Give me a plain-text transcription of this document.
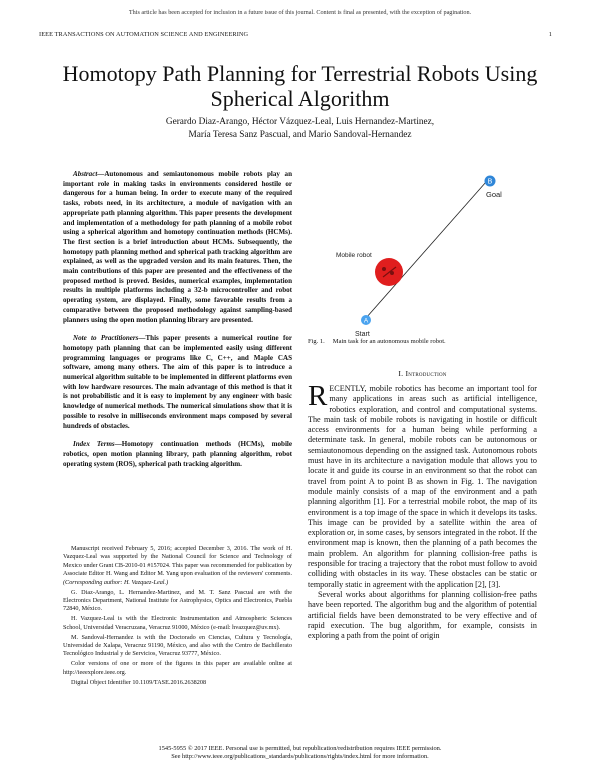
This article has been accepted for inclusion in a future issue of this journal. Content is final as presented, with the exception of pagination.
IEEE TRANSACTIONS ON AUTOMATION SCIENCE AND ENGINEERING	1
Homotopy Path Planning for Terrestrial Robots Using Spherical Algorithm
Gerardo Diaz-Arango, Héctor Vázquez-Leal, Luis Hernandez-Martinez,
María Teresa Sanz Pascual, and Mario Sandoval-Hernandez

Abstract—Autonomous and semiautonomous mobile robots play an important role in making tasks in environments considered hostile or dangerous for a human being. In order to execute many of the required tasks, robots need, in its architecture, a module of navigation with an appropriate path planning algorithm. This paper presents the development and implementation of a methodology for path planning of a mobile robot using a spherical algorithm and homotopy continuation methods (HCMs). The first section is a brief introduction about HCMs. Subsequently, the homotopy path planning method and spherical path tracking algorithm are explained, as well as the upgraded version and its main features. Then, the main contributions of this paper are presented and the effectiveness of the proposed method is proved. Besides, numerical examples, implementation results in multiple platforms including a 32-b microcontroller and robot operating system, are displayed. Finally, some favorable results from a comparative between the proposed methodology against sampling-based planners using the open motion planning library are presented.

Note to Practitioners—This paper presents a numerical routine for homotopy path planning that can be implemented easily using different programming languages or programs like C, C++, and Maple CAS software, among many others. The aim of this paper is to introduce a numerical algorithm suitable to be implemented in different platforms even with low hardware resources. The main advantage of this method is that it is not probabilistic and it is easy to implement by any engineer with basic knowledge of numerical methods. The numerical simulations show that it is possible to resolve in milliseconds environment maps composed by several hundreds of obstacles.

Index Terms—Homotopy continuation methods (HCMs), mobile robotics, open motion planning library, path planning algorithm, robot operating system (ROS), spherical path tracking algorithm.

Manuscript received February 5, 2016; accepted December 3, 2016. The work of H. Vazquez-Leal was supported by the National Council for Science and Technology of Mexico under Grant CB-2010-01 #157024. This paper was recommended for publication by Associate Editor H. Wang and Editor M. Yang upon evaluation of the reviewers' comments. (Corresponding author: H. Vazquez-Leal.)

G. Diaz-Arango, L. Hernandez-Martinez, and M. T. Sanz Pascual are with the Electronics Department, National Institute for Astrophysics, Optics and Electronics, Puebla 72840, México.

H. Vazquez-Leal is with the Electronic Instrumentation and Atmospheric Sciences School, Universidad Veracruzana, Veracruz 91000, México (e-mail: hvazquez@uv.mx).

M. Sandoval-Hernandez is with the Doctorado en Ciencias, Cultura y Tecnología, Universidad de Xalapa, Veracruz 91190, México, and also with the Centro de Bachillerato Tecnológico Industrial y de Servicios, Veracruz 93777, México.

Color versions of one or more of the figures in this paper are available online at http://ieeexplore.ieee.org.

Digital Object Identifier 10.1109/TASE.2016.2638208

B
Goal
Mobile robot
A
Start
Fig. 1. Main task for an autonomous mobile robot.
I. Introduction

RECENTLY, mobile robotics has become an important tool for many applications in areas such as artificial intelligence, robotics exploration, and control and computational systems. The main task of mobile robots is navigating in hostile or difficult access environments for a human being while performing a determinate task. In general, mobile robots can be autonomous or semiautonomous depending on the assigned task. Autonomous robots must have in its architecture a navigation module that allows you to locate it and guide its course in an environment so that the robot can travel from point A to point B as shown in Fig. 1. The navigation module mainly consists of a map of the environment and a path planning algorithm [1]. For a terrestrial mobile robot, the map of its environment is a top image of the space in which it develops its tasks. This image can be provided by a satellite within the area of exploration or, in some cases, by sensors integrated in the robot. If the environment map is known, then the planning of a path becomes the main problem. An algorithm for planning collision-free paths is responsible for tracing a trajectory that the robot must follow to avoid colliding with obstacles in its way. These obstacles can be static or temporally static in agreement with the application [2], [3].

Several works about algorithms for planning collision-free paths have been reported. The algorithm bug and the algorithm of potential artificial fields have been demonstrated to be very effective and of rapid execution. The bug algorithm, for example, consists in exploring a path from the point of origin

1545-5955 © 2017 IEEE. Personal use is permitted, but republication/redistribution requires IEEE permission.
See http://www.ieee.org/publications_standards/publications/rights/index.html for more information.
